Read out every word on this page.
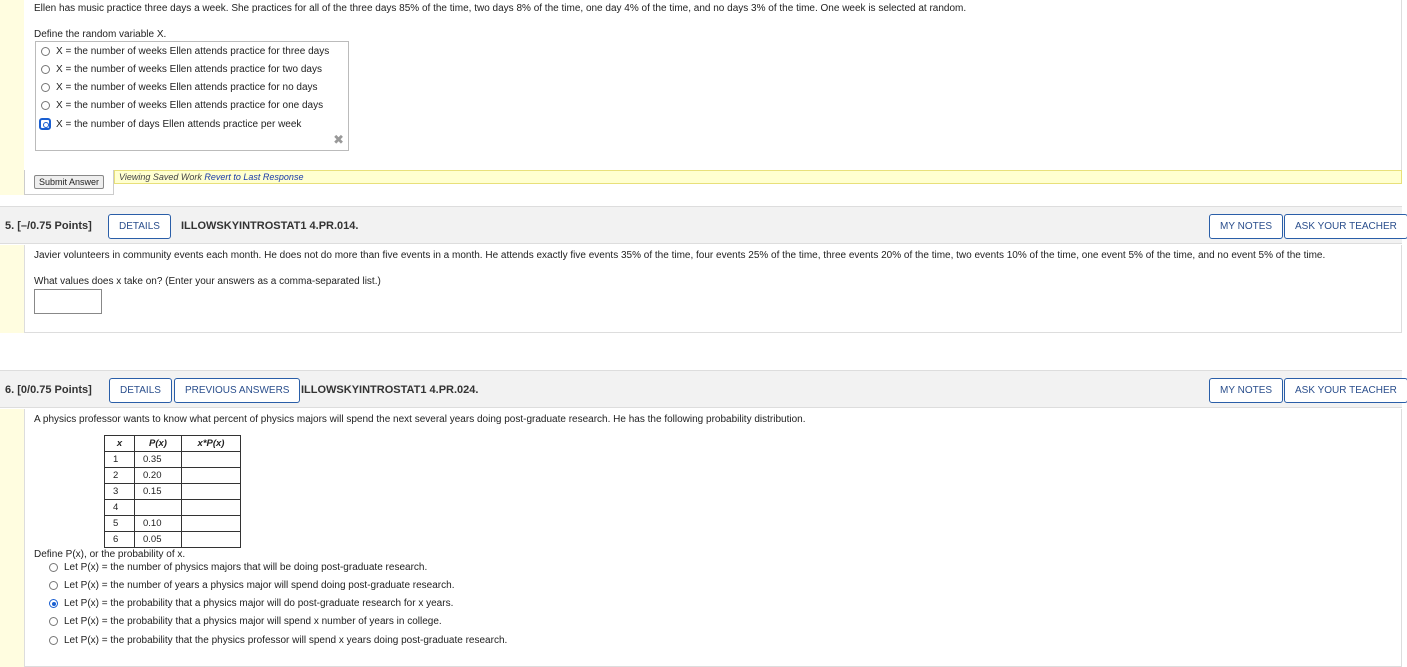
Ellen has music practice three days a week. She practices for all of the three days 85% of the time, two days 8% of the time, one day 4% of the time, and no days 3% of the time. One week is selected at random.
Define the random variable X.
X = the number of weeks Ellen attends practice for three days
X = the number of weeks Ellen attends practice for two days
X = the number of weeks Ellen attends practice for no days
X = the number of weeks Ellen attends practice for one days
X = the number of days Ellen attends practice per week
✖
Submit Answer	Viewing Saved Work Revert to Last Response
5. [–/0.75 Points]	DETAILS	ILLOWSKYINTROSTAT1 4.PR.014.	MY NOTES	ASK YOUR TEACHER
Javier volunteers in community events each month. He does not do more than five events in a month. He attends exactly five events 35% of the time, four events 25% of the time, three events 20% of the time, two events 10% of the time, one event 5% of the time, and no event 5% of the time.
What values does x take on? (Enter your answers as a comma-separated list.)
6. [0/0.75 Points]	DETAILS	PREVIOUS ANSWERS	ILLOWSKYINTROSTAT1 4.PR.024.	MY NOTES	ASK YOUR TEACHER
A physics professor wants to know what percent of physics majors will spend the next several years doing post-graduate research. He has the following probability distribution.
x	P(x)	x*P(x)
1	0.35	
2	0.20	
3	0.15	
4		
5	0.10	
6	0.05	
Define P(x), or the probability of x.
Let P(x) = the number of physics majors that will be doing post-graduate research.
Let P(x) = the number of years a physics major will spend doing post-graduate research.
Let P(x) = the probability that a physics major will do post-graduate research for x years.
Let P(x) = the probability that a physics major will spend x number of years in college.
Let P(x) = the probability that the physics professor will spend x years doing post-graduate research.
